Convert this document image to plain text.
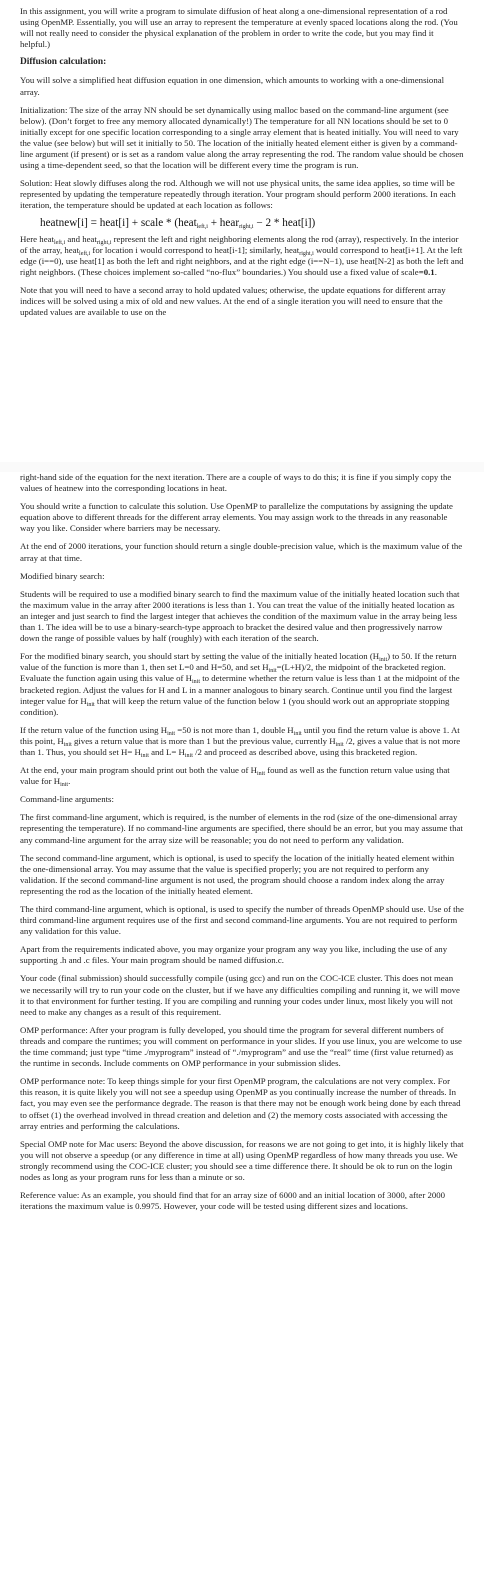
In this assignment, you will write a program to simulate diffusion of heat along a one-dimensional representation of a rod using OpenMP. Essentially, you will use an array to represent the temperature at evenly spaced locations along the rod. (You will not really need to consider the physical explanation of the problem in order to write the code, but you may find it helpful.)

Diffusion calculation:

You will solve a simplified heat diffusion equation in one dimension, which amounts to working with a one-dimensional array.

Initialization: The size of the array NN should be set dynamically using malloc based on the command-line argument (see below). (Don’t forget to free any memory allocated dynamically!) The temperature for all NN locations should be set to 0 initially except for one specific location corresponding to a single array element that is heated initially. You will need to vary the value (see below) but will set it initially to 50. The location of the initially heated element either is given by a command-line argument (if present) or is set as a random value along the array representing the rod. The random value should be chosen using a time-dependent seed, so that the location will be different every time the program is run.

Solution: Heat slowly diffuses along the rod. Although we will not use physical units, the same idea applies, so time will be represented by updating the temperature repeatedly through iteration. Your program should perform 2000 iterations. In each iteration, the temperature should be updated at each location as follows:

heatnew[i] = heat[i] + scale * (heat$_{left,i}$ + hear$_{right,i}$ − 2 * heat[i])

Here heat$_{left,i}$ and heat$_{right,i}$ represent the left and right neighboring elements along the rod (array), respectively. In the interior of the array, heat$_{left,i}$ for location i would correspond to heat[i-1]; similarly, heat$_{right,i}$ would correspond to heat[i+1]. At the left edge (i==0), use heat[1] as both the left and right neighbors, and at the right edge (i==N−1), use heat[N-2] as both the left and right neighbors. (These choices implement so-called “no-flux” boundaries.) You should use a fixed value of scale=0.1.

Note that you will need to have a second array to hold updated values; otherwise, the update equations for different array indices will be solved using a mix of old and new values. At the end of a single iteration you will need to ensure that the updated values are available to use on the

right-hand side of the equation for the next iteration. There are a couple of ways to do this; it is fine if you simply copy the values of heatnew into the corresponding locations in heat.

You should write a function to calculate this solution. Use OpenMP to parallelize the computations by assigning the update equation above to different threads for the different array elements. You may assign work to the threads in any reasonable way you like. Consider where barriers may be necessary.

At the end of 2000 iterations, your function should return a single double-precision value, which is the maximum value of the array at that time.

Modified binary search:

Students will be required to use a modified binary search to find the maximum value of the initially heated location such that the maximum value in the array after 2000 iterations is less than 1. You can treat the value of the initially heated location as an integer and just search to find the largest integer that achieves the condition of the maximum value in the array being less than 1. The idea will be to use a binary-search-type approach to bracket the desired value and then progressively narrow down the range of possible values by half (roughly) with each iteration of the search.

For the modified binary search, you should start by setting the value of the initially heated location $(H_{init})$ to 50. If the return value of the function is more than 1, then set L=0 and H=50, and set $H_{init}=(L+H)/2$, the midpoint of the bracketed region. Evaluate the function again using this value of $H_{init}$ to determine whether the return value is less than 1 at the midpoint of the bracketed region. Adjust the values for H and L in a manner analogous to binary search. Continue until you find the largest integer value for $H_{init}$ that will keep the return value of the function below 1 (you should work out an appropriate stopping condition).

If the return value of the function using $H_{init} =50$ is not more than 1, double $H_{init}$ until you find the return value is above 1. At this point, $H_{init}$ gives a return value that is more than 1 but the previous value, currently $H_{init}$ /2, gives a value that is not more than 1. Thus, you should set $H= H_{init}$ and $L= H_{init}$ /2 and proceed as described above, using this bracketed region.

At the end, your main program should print out both the value of $H_{init}$ found as well as the function return value using that value for $H_{init}$.

Command-line arguments:

The first command-line argument, which is required, is the number of elements in the rod (size of the one-dimensional array representing the temperature). If no command-line arguments are specified, there should be an error, but you may assume that any command-line argument for the array size will be reasonable; you do not need to perform any validation.

The second command-line argument, which is optional, is used to specify the location of the initially heated element within the one-dimensional array. You may assume that the value is specified properly; you are not required to perform any validation. If the second command-line argument is not used, the program should choose a random index along the array representing the rod as the location of the initially heated element.

The third command-line argument, which is optional, is used to specify the number of threads OpenMP should use. Use of the third command-line argument requires use of the first and second command-line arguments. You are not required to perform any validation for this value.

Apart from the requirements indicated above, you may organize your program any way you like, including the use of any supporting .h and .c files. Your main program should be named diffusion.c.

Your code (final submission) should successfully compile (using gcc) and run on the COC-ICE cluster. This does not mean we necessarily will try to run your code on the cluster, but if we have any difficulties compiling and running it, we will move it to that environment for further testing. If you are compiling and running your codes under linux, most likely you will not need to make any changes as a result of this requirement.

OMP performance: After your program is fully developed, you should time the program for several different numbers of threads and compare the runtimes; you will comment on performance in your slides. If you use linux, you are welcome to use the time command; just type “time ./myprogram” instead of “./myprogram” and use the “real” time (first value returned) as the runtime in seconds. Include comments on OMP performance in your submission slides.

OMP performance note: To keep things simple for your first OpenMP program, the calculations are not very complex. For this reason, it is quite likely you will not see a speedup using OpenMP as you continually increase the number of threads. In fact, you may even see the performance degrade. The reason is that there may not be enough work being done by each thread to offset (1) the overhead involved in thread creation and deletion and (2) the memory costs associated with accessing the array entries and performing the calculations.

Special OMP note for Mac users: Beyond the above discussion, for reasons we are not going to get into, it is highly likely that you will not observe a speedup (or any difference in time at all) using OpenMP regardless of how many threads you use. We strongly recommend using the COC-ICE cluster; you should see a time difference there. It should be ok to run on the login nodes as long as your program runs for less than a minute or so.

Reference value: As an example, you should find that for an array size of 6000 and an initial location of 3000, after 2000 iterations the maximum value is 0.9975. However, your code will be tested using different sizes and locations.
